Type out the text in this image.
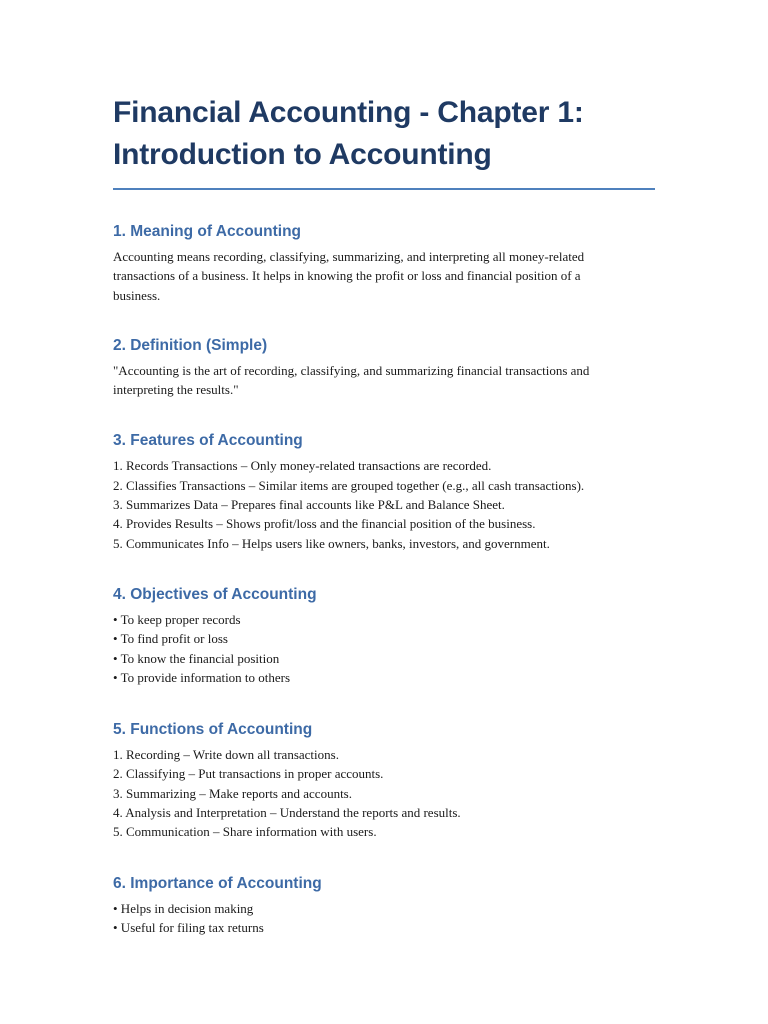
Financial Accounting - Chapter 1:
Introduction to Accounting
1. Meaning of Accounting
Accounting means recording, classifying, summarizing, and interpreting all money-related
transactions of a business. It helps in knowing the profit or loss and financial position of a
business.
2. Definition (Simple)
"Accounting is the art of recording, classifying, and summarizing financial transactions and
interpreting the results."
3. Features of Accounting
1. Records Transactions – Only money-related transactions are recorded.
2. Classifies Transactions – Similar items are grouped together (e.g., all cash transactions).
3. Summarizes Data – Prepares final accounts like P&L and Balance Sheet.
4. Provides Results – Shows profit/loss and the financial position of the business.
5. Communicates Info – Helps users like owners, banks, investors, and government.
4. Objectives of Accounting
• To keep proper records
• To find profit or loss
• To know the financial position
• To provide information to others
5. Functions of Accounting
1. Recording – Write down all transactions.
2. Classifying – Put transactions in proper accounts.
3. Summarizing – Make reports and accounts.
4. Analysis and Interpretation – Understand the reports and results.
5. Communication – Share information with users.
6. Importance of Accounting
• Helps in decision making
• Useful for filing tax returns
